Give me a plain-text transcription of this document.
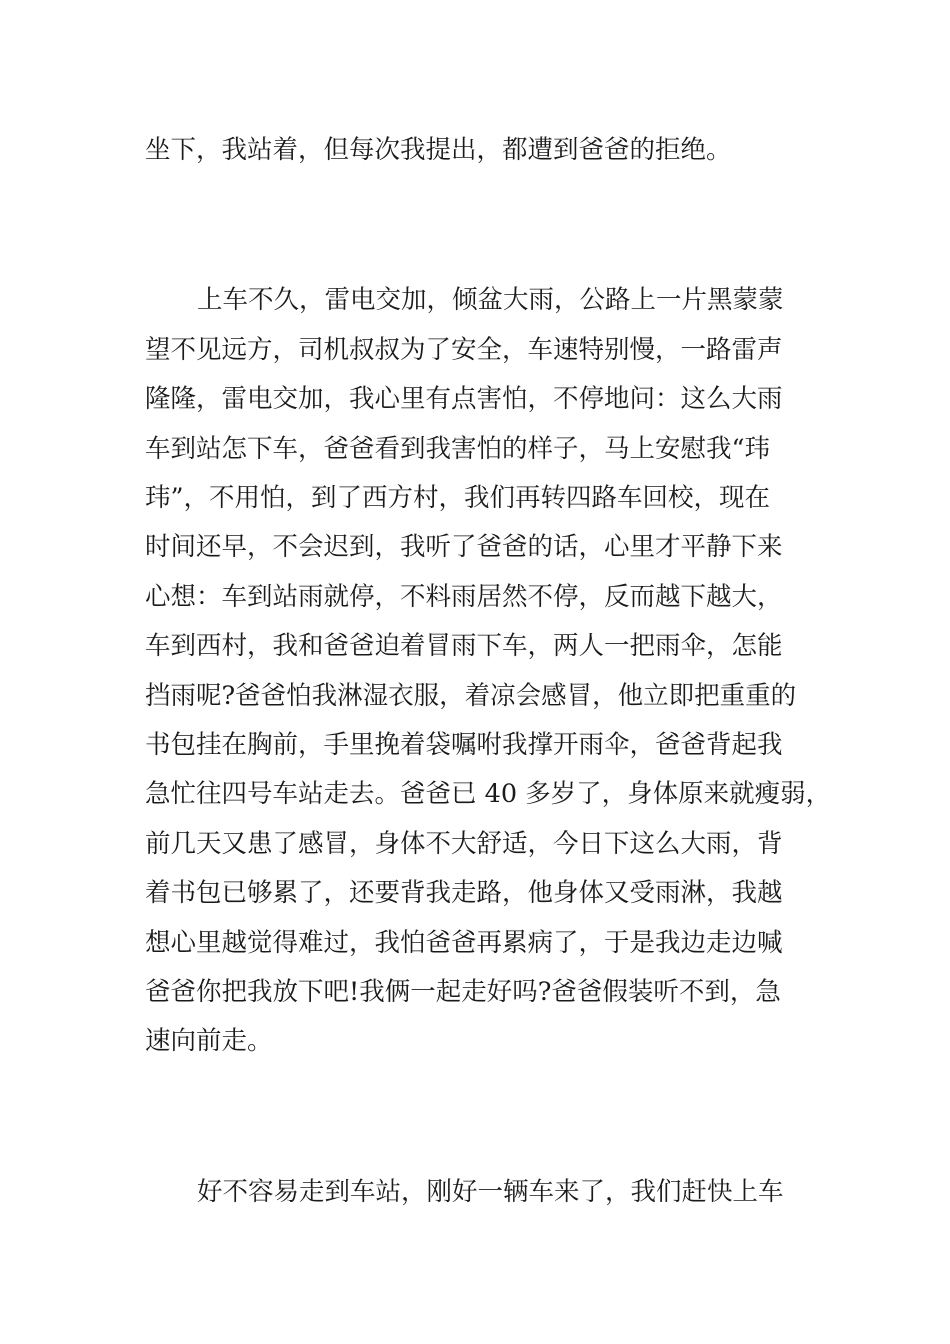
坐下，我站着，但每次我提出，都遭到爸爸的拒绝。

上车不久，雷电交加，倾盆大雨，公路上一片黑蒙蒙

望不见远方，司机叔叔为了安全，车速特别慢，一路雷声

隆隆，雷电交加，我心里有点害怕，不停地问：这么大雨

车到站怎下车，爸爸看到我害怕的样子，马上安慰我“玮

玮”，不用怕，到了西方村，我们再转四路车回校，现在

时间还早，不会迟到，我听了爸爸的话，心里才平静下来

心想：车到站雨就停，不料雨居然不停，反而越下越大，

车到西村，我和爸爸迫着冒雨下车，两人一把雨伞，怎能

挡雨呢?爸爸怕我淋湿衣服，着凉会感冒，他立即把重重的

书包挂在胸前，手里挽着袋嘱咐我撑开雨伞，爸爸背起我

急忙往四号车站走去。爸爸已 40 多岁了，身体原来就瘦弱，

前几天又患了感冒，身体不大舒适，今日下这么大雨，背

着书包已够累了，还要背我走路，他身体又受雨淋，我越

想心里越觉得难过，我怕爸爸再累病了，于是我边走边喊

爸爸你把我放下吧!我俩一起走好吗?爸爸假装听不到，急

速向前走。

好不容易走到车站，刚好一辆车来了，我们赶快上车
